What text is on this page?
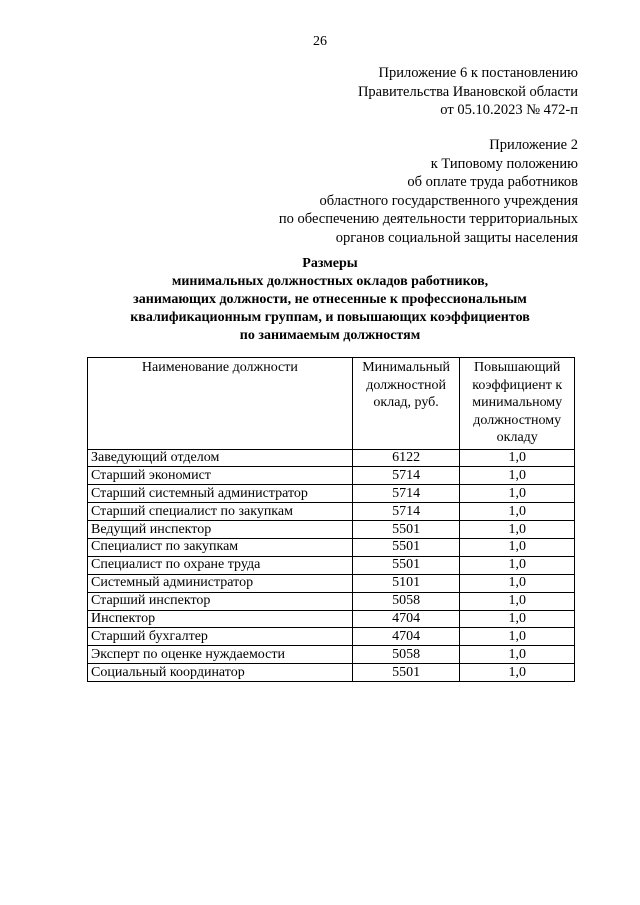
26
Приложение 6 к постановлению
Правительства Ивановской области
от 05.10.2023 № 472-п
Приложение 2
к Типовому положению
об оплате труда работников
областного государственного учреждения
по обеспечению деятельности территориальных
органов социальной защиты населения
Размеры
минимальных должностных окладов работников,
занимающих должности, не отнесенные к профессиональным
квалификационным группам, и повышающих коэффициентов
по занимаемым должностям
Наименование должности	Минимальный должностной оклад, руб.	Повышающий коэффициент к минимальному должностному окладу
Заведующий отделом	6122	1,0
Старший экономист	5714	1,0
Старший системный администратор	5714	1,0
Старший специалист по закупкам	5714	1,0
Ведущий инспектор	5501	1,0
Специалист по закупкам	5501	1,0
Специалист по охране труда	5501	1,0
Системный администратор	5101	1,0
Старший инспектор	5058	1,0
Инспектор	4704	1,0
Старший бухгалтер	4704	1,0
Эксперт по оценке нуждаемости	5058	1,0
Социальный координатор	5501	1,0
